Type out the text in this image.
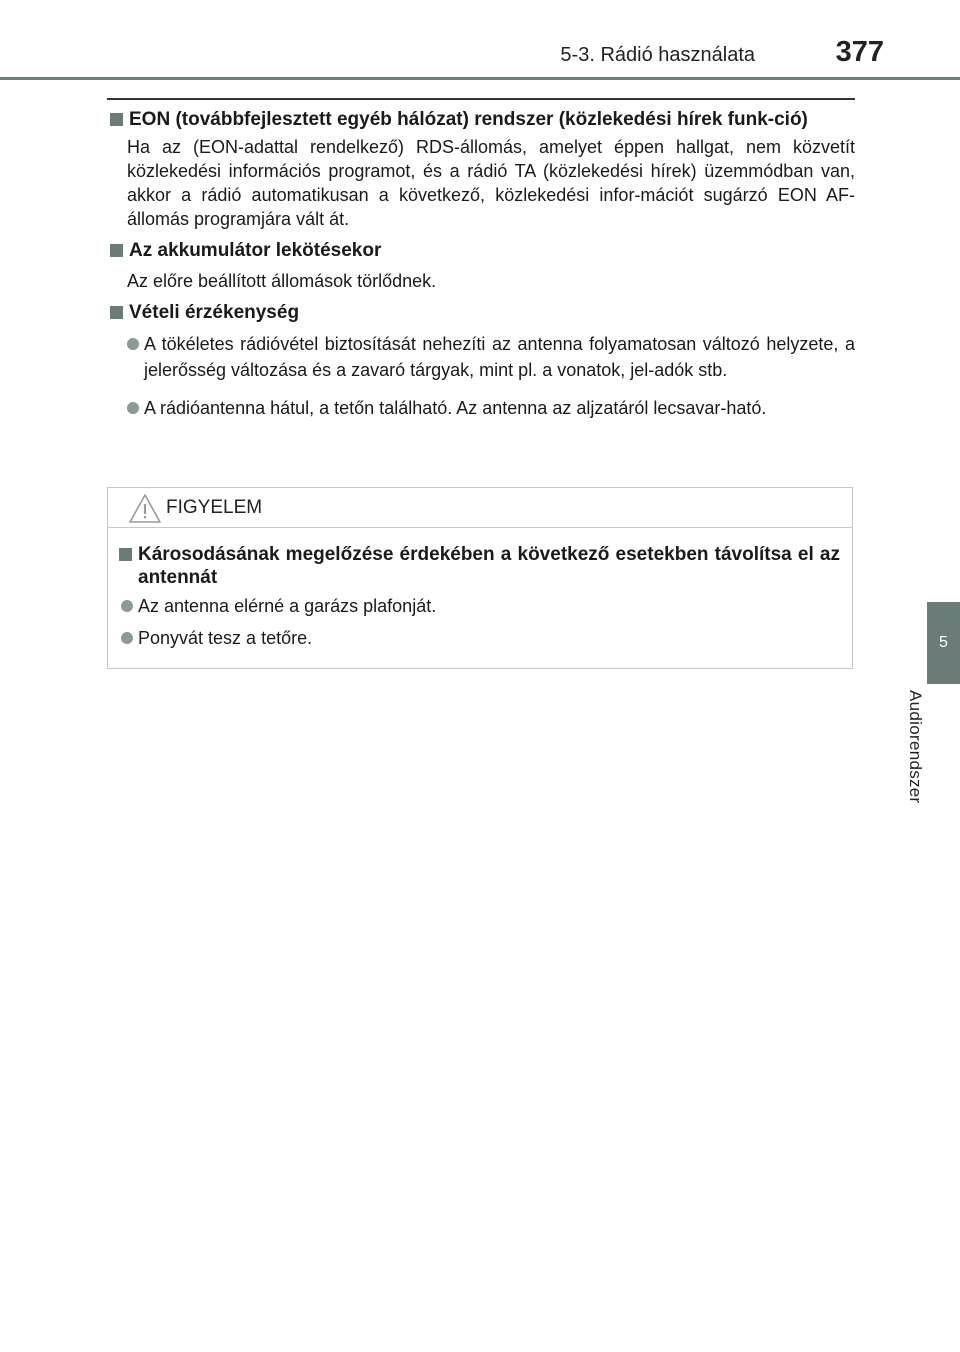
5-3. Rádió használata	377
5
Audiorendszer
EON (továbbfejlesztett egyéb hálózat) rendszer (közlekedési hírek funk-ció)

Ha az (EON-adattal rendelkező) RDS-állomás, amelyet éppen hallgat, nem közvetít közlekedési információs programot, és a rádió TA (közlekedési hírek) üzemmódban van, akkor a rádió automatikusan a következő, közlekedési infor-mációt sugárzó EON AF-állomás programjára vált át.

Az akkumulátor lekötésekor

Az előre beállított állomások törlődnek.

Vételi érzékenység
A tökéletes rádióvétel biztosítását nehezíti az antenna folyamatosan változó helyzete, a jelerősség változása és a zavaró tárgyak, mint pl. a vonatok, jel-adók stb.
A rádióantenna hátul, a tetőn található. Az antenna az aljzatáról lecsavar-ható.
FIGYELEM
Károsodásának megelőzése érdekében a következő esetekben távolítsa el az antennát
Az antenna elérné a garázs plafonját.
Ponyvát tesz a tetőre.
